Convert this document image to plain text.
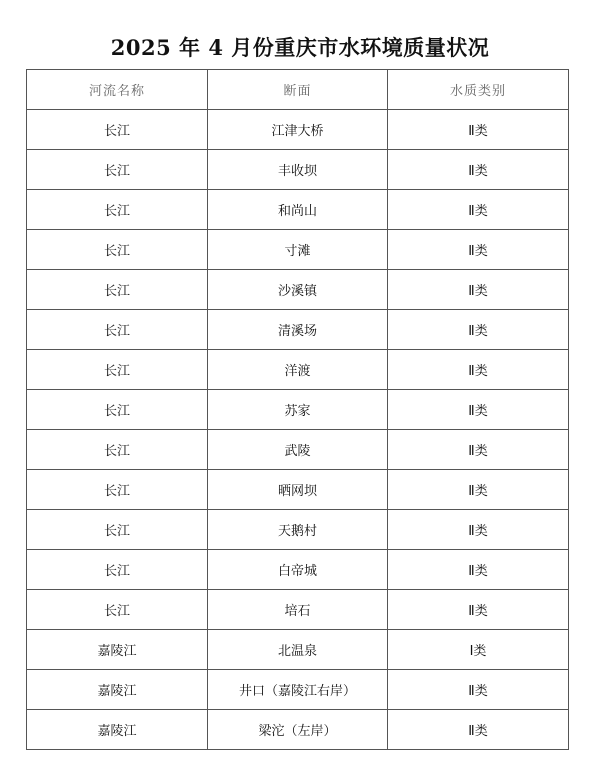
2025 年 4 月份重庆市水环境质量状况
河流名称	断面	水质类别
长江	江津大桥	Ⅱ类
长江	丰收坝	Ⅱ类
长江	和尚山	Ⅱ类
长江	寸滩	Ⅱ类
长江	沙溪镇	Ⅱ类
长江	清溪场	Ⅱ类
长江	洋渡	Ⅱ类
长江	苏家	Ⅱ类
长江	武陵	Ⅱ类
长江	晒网坝	Ⅱ类
长江	天鹅村	Ⅱ类
长江	白帝城	Ⅱ类
长江	培石	Ⅱ类
嘉陵江	北温泉	Ⅰ类
嘉陵江	井口（嘉陵江右岸）	Ⅱ类
嘉陵江	梁沱（左岸）	Ⅱ类
